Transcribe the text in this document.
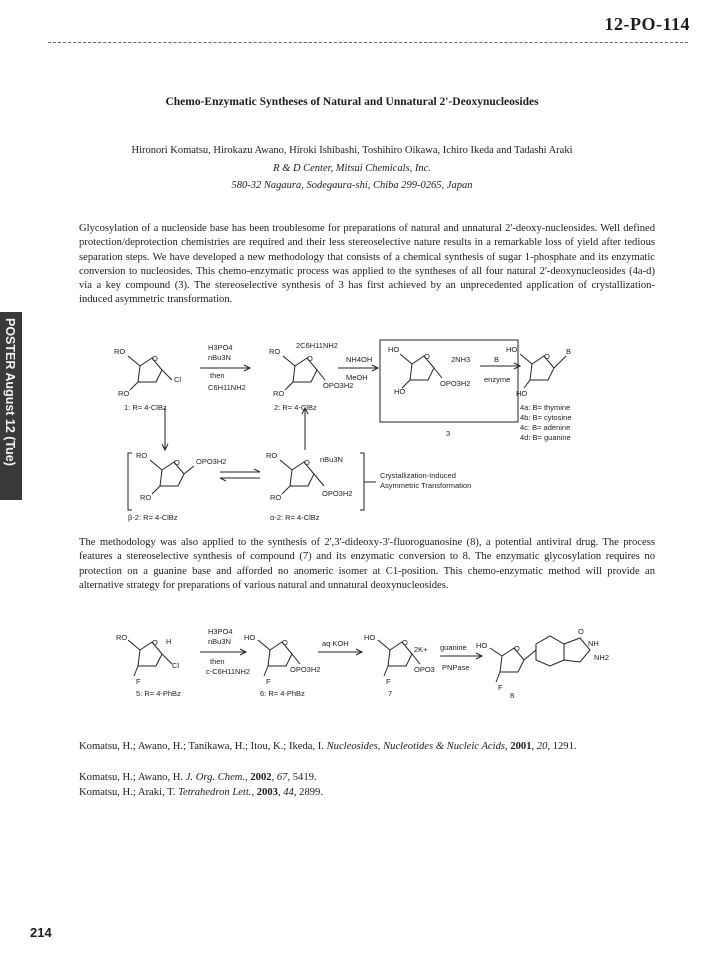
12-PO-114
POSTER August 12 (Tue)
Chemo-Enzymatic Syntheses of Natural and Unnatural 2'-Deoxynucleosides
Hironori Komatsu, Hirokazu Awano, Hiroki Ishibashi, Toshihiro Oikawa, Ichiro Ikeda and Tadashi Araki
R & D Center, Mitsui Chemicals, Inc.
580-32 Nagaura, Sodegaura-shi, Chiba 299-0265, Japan
Glycosylation of a nucleoside base has been troublesome for preparations of natural and unnatural 2'-deoxy-nucleosides. Well defined protection/deprotection chemistries are required and their less stereoselective nature results in a remarkable loss of yield after tedious separation steps. We have developed a new methodology that consists of a chemical synthesis of sugar 1-phosphate and its enzymatic conversion to nucleosides. This chemo-enzymatic process was applied to the syntheses of all four natural 2'-deoxynucleosides (4a-d) via a key compound (3). The stereoselective synthesis of 3 has first achieved by an unprecedented application of crystallization-induced asymmetric transformation.
RO
O
RO
Cl
RO
O
RO
OPO3H2
HO
O
HO
OPO3H2
HO
O
HO
B
2NH3
RO
O
RO
OPO3H2
RO
O
RO	OPO3H2
nBu3N
H3PO4
nBu3N
then
C6H11NH2
2C6H11NH2
NH4OH
MeOH
B
enzyme
1: R= 4-ClBz	2: R= 4-ClBz
3
β-2: R= 4-ClBz	α-2: R= 4-ClBz
Crystallization-Induced
Asymmetric Transformation
4a: B= thymine
4b: B= cytosine
4c: B= adenine
4d: B= guanine
The methodology was also applied to the synthesis of 2',3'-dideoxy-3'-fluoroguanosine (8), a potential antiviral drug. The process features a stereoselective synthesis of compound (7) and its enzymatic conversion to 8. The enzymatic glycosylation requires no protection on a guanine base and afforded no anomeric isomer at C1-position. This chemo-enzymatic method will provide an alternative strategy for preparations of various natural and unnatural deoxynucleosides.
RO
O H
F
Cl
HO
O
F
OPO3H2
HO
O
F
OPO3
2K+	HO	O
F
O
NH
NH2
H3PO4
nBu3N
then
c-C6H11NH2
aq KOH	guanine
PNPase
5: R= 4-PhBz	6: R= 4-PhBz	7	8
Komatsu, H.; Awano, H.; Tanikawa, H.; Itou, K.; Ikeda, I. Nucleosides, Nucleotides & Nucleic Acids, 2001, 20, 1291.
Komatsu, H.; Awano, H. J. Org. Chem., 2002, 67, 5419.
Komatsu, H.; Araki, T. Tetrahedron Lett., 2003, 44, 2899.
214
